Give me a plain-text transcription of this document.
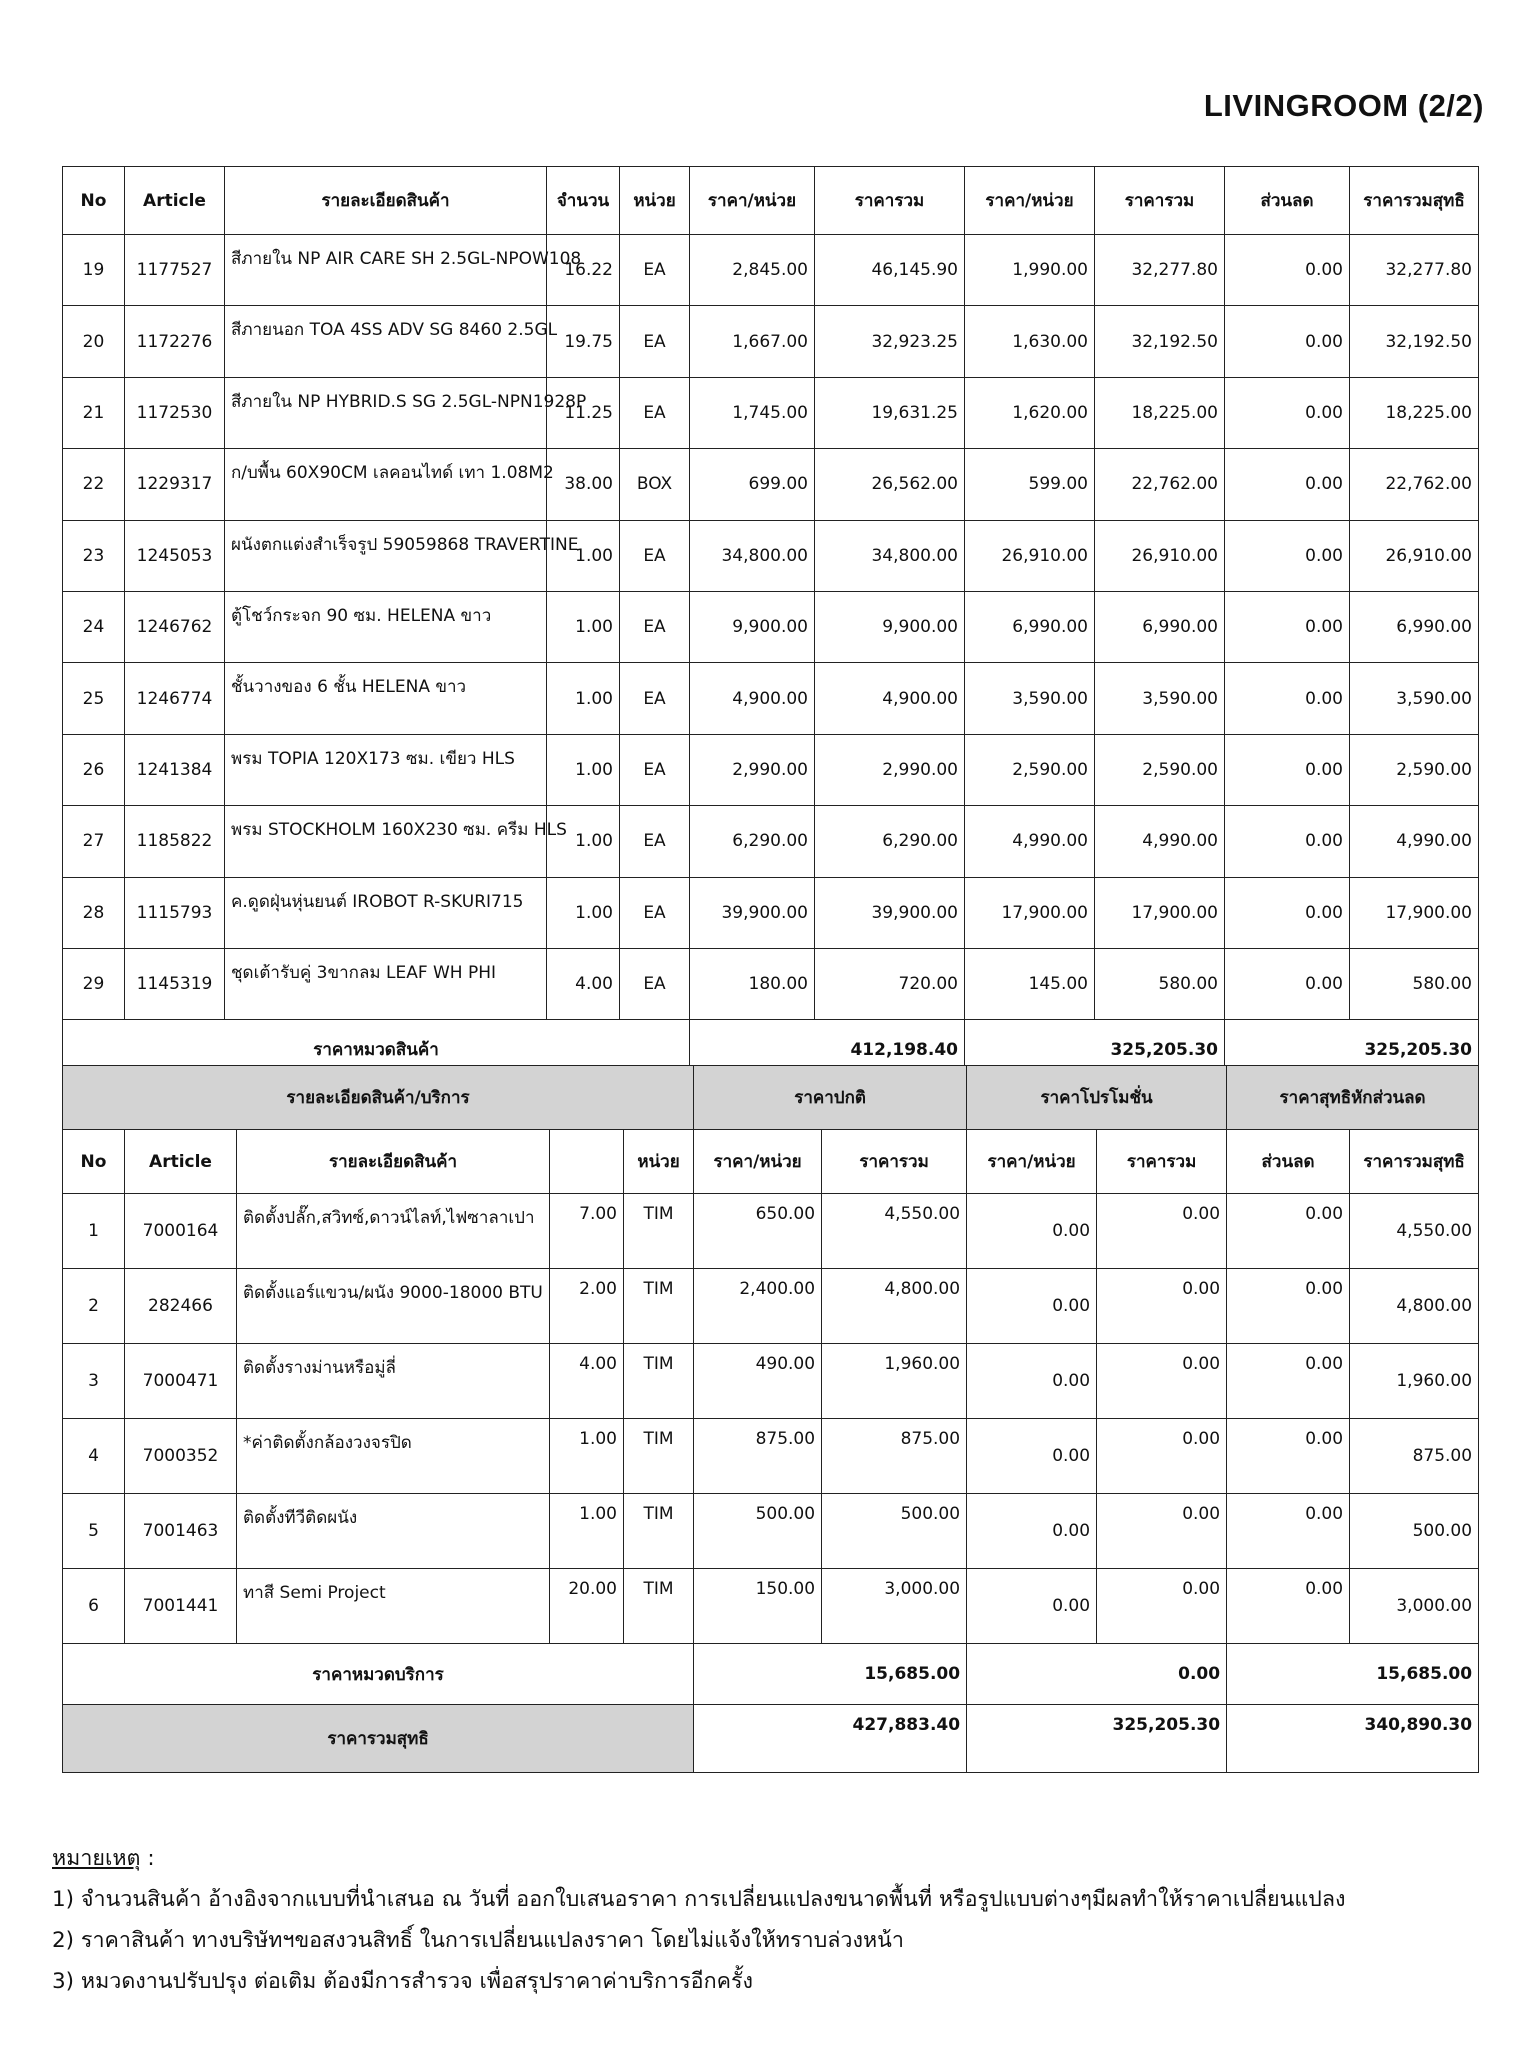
LIVINGROOM (2/2)
No	Article	รายละเอียดสินค้า	จำนวน	หน่วย	ราคา/หน่วย	ราคารวม	ราคา/หน่วย	ราคารวม	ส่วนลด	ราคารวมสุทธิ
19	1177527	สีภายใน NP AIR CARE SH 2.5GL-NPOW108	16.22	EA	2,845.00	46,145.90	1,990.00	32,277.80	0.00	32,277.80
20	1172276	สีภายนอก TOA 4SS ADV SG 8460 2.5GL	19.75	EA	1,667.00	32,923.25	1,630.00	32,192.50	0.00	32,192.50
21	1172530	สีภายใน NP HYBRID.S SG 2.5GL-NPN1928P	11.25	EA	1,745.00	19,631.25	1,620.00	18,225.00	0.00	18,225.00
22	1229317	ก/บพื้น 60X90CM เลคอนไทด์ เทา 1.08M2	38.00	BOX	699.00	26,562.00	599.00	22,762.00	0.00	22,762.00
23	1245053	ผนังตกแต่งสำเร็จรูป 59059868 TRAVERTINE	1.00	EA	34,800.00	34,800.00	26,910.00	26,910.00	0.00	26,910.00
24	1246762	ตู้โชว์กระจก 90 ซม. HELENA ขาว	1.00	EA	9,900.00	9,900.00	6,990.00	6,990.00	0.00	6,990.00
25	1246774	ชั้นวางของ 6 ชั้น HELENA ขาว	1.00	EA	4,900.00	4,900.00	3,590.00	3,590.00	0.00	3,590.00
26	1241384	พรม TOPIA 120X173 ซม. เขียว HLS	1.00	EA	2,990.00	2,990.00	2,590.00	2,590.00	0.00	2,590.00
27	1185822	พรม STOCKHOLM 160X230 ซม. ครีม HLS	1.00	EA	6,290.00	6,290.00	4,990.00	4,990.00	0.00	4,990.00
28	1115793	ค.ดูดฝุ่นหุ่นยนต์ IROBOT R-SKURI715	1.00	EA	39,900.00	39,900.00	17,900.00	17,900.00	0.00	17,900.00
29	1145319	ชุดเต้ารับคู่ 3ขากลม LEAF WH PHI	4.00	EA	180.00	720.00	145.00	580.00	0.00	580.00
ราคาหมวดสินค้า					412,198.40		325,205.30		325,205.30	
รายละเอียดสินค้า/บริการ					ราคาปกติ		ราคาโปรโมชั่น		ราคาสุทธิหักส่วนลด	
No	Article	รายละเอียดสินค้า		หน่วย	ราคา/หน่วย	ราคารวม	ราคา/หน่วย	ราคารวม	ส่วนลด	ราคารวมสุทธิ
1	7000164	ติดตั้งปลั๊ก,สวิทซ์,ดาวน์ไลท์,ไฟซาลาเปา	7.00	TIM	650.00	4,550.00	0.00	0.00	0.00	4,550.00
2	282466	ติดตั้งแอร์แขวน/ผนัง 9000-18000 BTU	2.00	TIM	2,400.00	4,800.00	0.00	0.00	0.00	4,800.00
3	7000471	ติดตั้งรางม่านหรือมู่ลี่	4.00	TIM	490.00	1,960.00	0.00	0.00	0.00	1,960.00
4	7000352	*ค่าติดตั้งกล้องวงจรปิด	1.00	TIM	875.00	875.00	0.00	0.00	0.00	875.00
5	7001463	ติดตั้งทีวีติดผนัง	1.00	TIM	500.00	500.00	0.00	0.00	0.00	500.00
6	7001441	ทาสี Semi Project	20.00	TIM	150.00	3,000.00	0.00	0.00	0.00	3,000.00
ราคาหมวดบริการ					15,685.00		0.00		15,685.00	
ราคารวมสุทธิ					427,883.40		325,205.30		340,890.30	
หมายเหตุ :
1) จำนวนสินค้า อ้างอิงจากแบบที่นำเสนอ ณ วันที่ ออกใบเสนอราคา การเปลี่ยนแปลงขนาดพื้นที่ หรือรูปแบบต่างๆมีผลทำให้ราคาเปลี่ยนแปลง
2) ราคาสินค้า ทางบริษัทฯขอสงวนสิทธิ์ ในการเปลี่ยนแปลงราคา โดยไม่แจ้งให้ทราบล่วงหน้า
3) หมวดงานปรับปรุง ต่อเติม ต้องมีการสำรวจ เพื่อสรุปราคาค่าบริการอีกครั้ง
